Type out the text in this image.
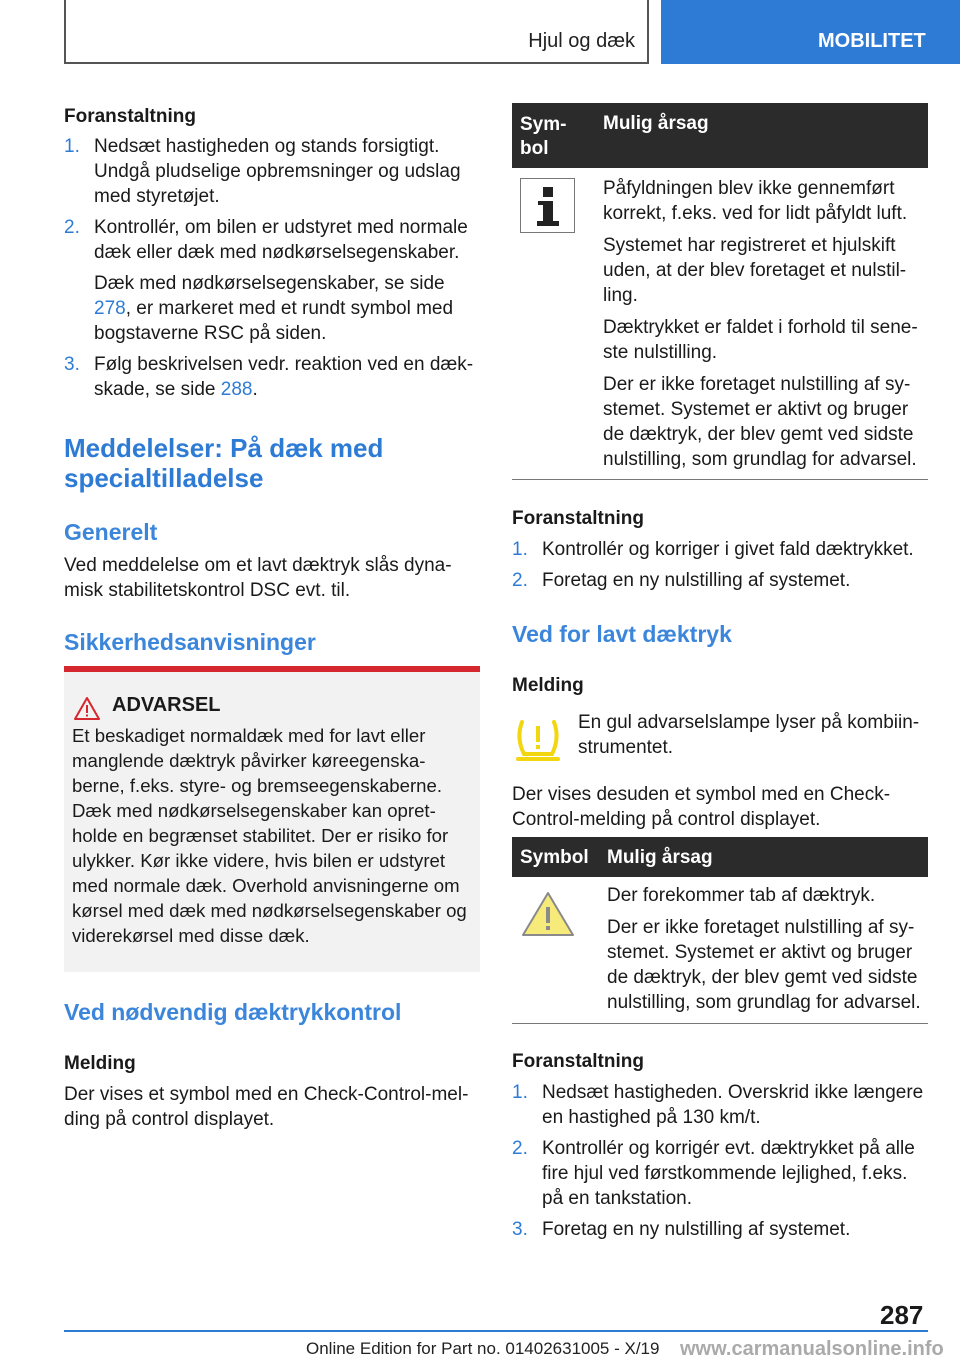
Hjul og dæk	MOBILITET
Foranstaltning
1. Nedsæt hastigheden og stands forsigtigt. Undgå pludselige opbremsninger og udslag med styretøjet.
2. Kontrollér, om bilen er udstyret med normale dæk eller dæk med nødkørselsegenskaber.
Dæk med nødkørselsegenskaber, se side 278, er markeret med et rundt symbol med bogstaverne RSC på siden.
3. Følg beskrivelsen vedr. reaktion ved en dæk-skade, se side 288.
Meddelelser: På dæk med specialtilladelse
Generelt
Ved meddelelse om et lavt dæktryk slås dyna-misk stabilitetskontrol DSC evt. til.
Sikkerhedsanvisninger
ADVARSEL
Et beskadiget normaldæk med for lavt eller manglende dæktryk påvirker køreegenska-berne, f.eks. styre- og bremseegenskaberne. Dæk med nødkørselsegenskaber kan opret-holde en begrænset stabilitet. Der er risiko for ulykker. Kør ikke videre, hvis bilen er udstyret med normale dæk. Overhold anvisningerne om kørsel med dæk med nødkørselsegenskaber og viderekørsel med disse dæk.
Ved nødvendig dæktrykkontrol
Melding
Der vises et symbol med en Check-Control-mel-ding på control displayet.
Sym-bol
Mulig årsag
Påfyldningen blev ikke gennemført korrekt, f.eks. ved for lidt påfyldt luft.
Systemet har registreret et hjulskift uden, at der blev foretaget et nulstil-ling.
Dæktrykket er faldet i forhold til sene-ste nulstilling.
Der er ikke foretaget nulstilling af sy-stemet. Systemet er aktivt og bruger de dæktryk, der blev gemt ved sidste nulstilling, som grundlag for advarsel.
Foranstaltning
1. Kontrollér og korriger i givet fald dæktrykket.
2. Foretag en ny nulstilling af systemet.
Ved for lavt dæktryk
Melding
En gul advarselslampe lyser på kombiin-strumentet.
Der vises desuden et symbol med en Check-Control-melding på control displayet.
Symbol Mulig årsag
Der forekommer tab af dæktryk.
Der er ikke foretaget nulstilling af sy-stemet. Systemet er aktivt og bruger de dæktryk, der blev gemt ved sidste nulstilling, som grundlag for advarsel.
Foranstaltning
1. Nedsæt hastigheden. Overskrid ikke længere en hastighed på 130 km/t.
2. Kontrollér og korrigér evt. dæktrykket på alle fire hjul ved førstkommende lejlighed, f.eks. på en tankstation.
3. Foretag en ny nulstilling af systemet.
287
Online Edition for Part no. 01402631005 - X/19 www.carmanualsonline.info
